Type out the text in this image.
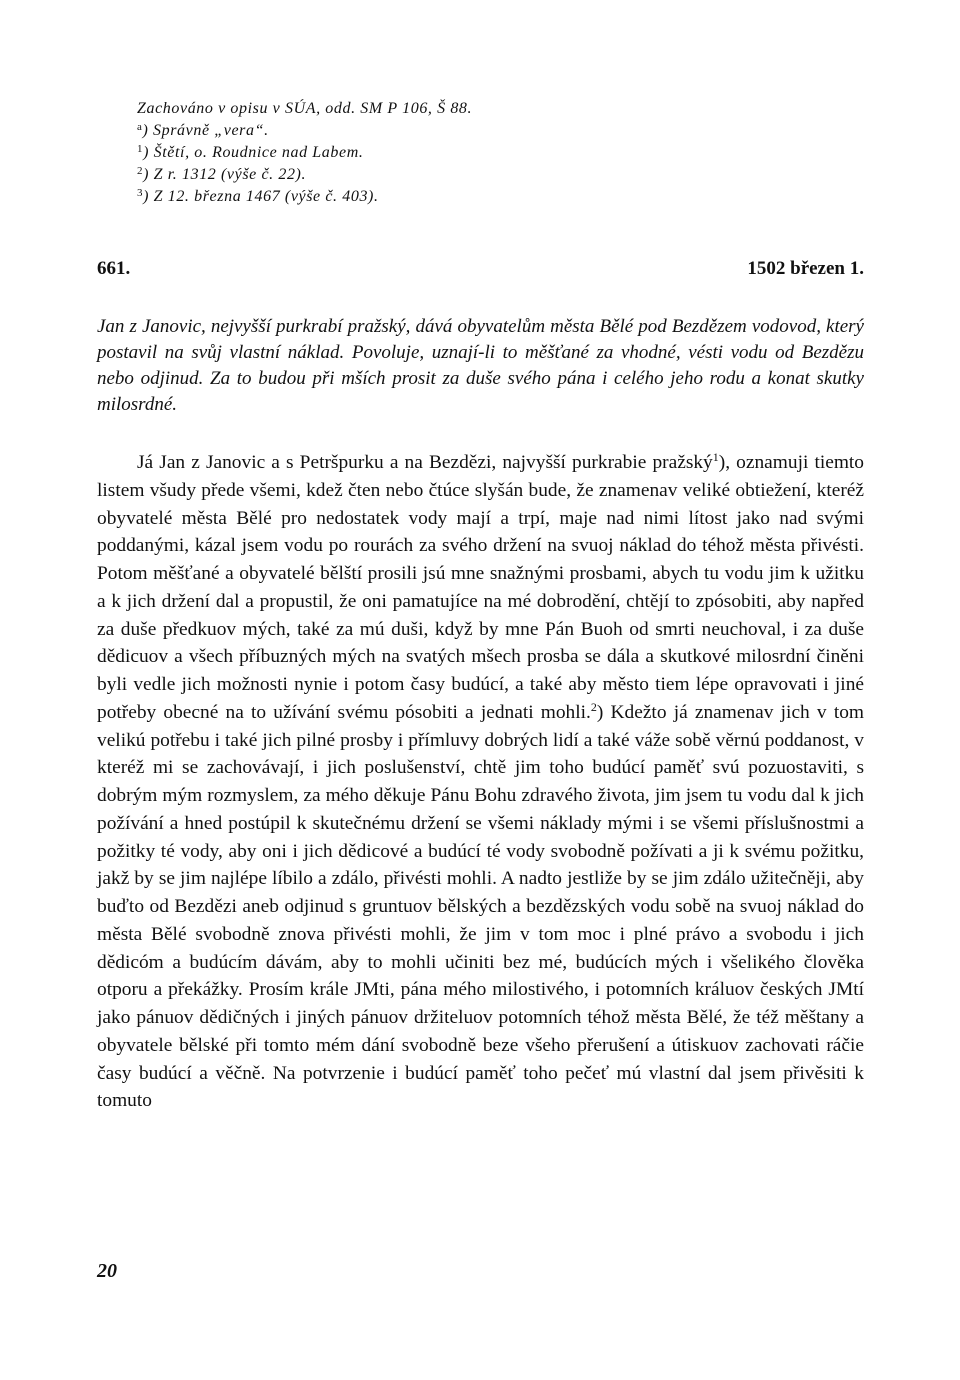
Zachováno v opisu v SÚA, odd. SM P 106, Š 88.
$^a$) Správně „vera“.
$^1$) Štětí, o. Roudnice nad Labem.
$^2$) Z r. 1312 (výše č. 22).
$^3$) Z 12. března 1467 (výše č. 403).
661.	1502 březen 1.
Jan z Janovic, nejvyšší purkrabí pražský, dává obyvatelům města Bělé pod Bezdězem vodovod, který postavil na svůj vlastní náklad. Povoluje, uznají-li to měšťané za vhodné, vésti vodu od Bezdězu nebo odjinud. Za to budou při mších prosit za duše svého pána i celého jeho rodu a konat skutky milosrdné.

Já Jan z Janovic a s Petršpurku a na Bezdězi, najvyšší purkrabie pražský$^1$), oznamuji tiemto listem všudy přede všemi, kdež čten nebo čtúce slyšán bude, že znamenav veliké obtiežení, kteréž obyvatelé města Bělé pro nedostatek vody mají a trpí, maje nad nimi lítost jako nad svými poddanými, kázal jsem vodu po rourách za svého držení na svuoj náklad do téhož města přivésti. Potom měšťané a obyvatelé bělští prosili jsú mne snažnými prosbami, abych tu vodu jim k užitku a k jich držení dal a propustil, že oni pamatujíce na mé dobrodění, chtějí to zpósobiti, aby napřed za duše předkuov mých, také za mú duši, když by mne Pán Buoh od smrti neuchoval, i za duše dědicuov a všech příbuzných mých na svatých mšech prosba se dála a skutkové milosrdní činěni byli vedle jich možnosti nynie i potom časy budúcí, a také aby město tiem lépe opravovati i jiné potřeby obecné na to užívání svému pósobiti a jednati mohli.$^2$) Kdežto já znamenav jich v tom velikú potřebu i také jich pilné prosby i přímluvy dobrých lidí a také váže sobě věrnú poddanost, v kteréž mi se zachovávají, i jich poslušenství, chtě jim toho budúcí paměť svú pozuostaviti, s dobrým mým rozmyslem, za mého děkuje Pánu Bohu zdravého života, jim jsem tu vodu dal k jich požívání a hned postúpil k skutečnému držení se všemi náklady mými i se všemi příslušnostmi a požitky té vody, aby oni i jich dědicové a budúcí té vody svobodně požívati a ji k svému požitku, jakž by se jim najlépe líbilo a zdálo, přivésti mohli. A nadto jestliže by se jim zdálo užitečněji, aby buďto od Bezdězi aneb odjinud s gruntuov bělských a bezdězských vodu sobě na svuoj náklad do města Bělé svobodně znova přivésti mohli, že jim v tom moc i plné právo a svobodu i jich dědicóm a budúcím dávám, aby to mohli učiniti bez mé, budúcích mých i všelikého člověka otporu a překážky. Prosím krále JMti, pána mého milostivého, i potomních králuov českých JMtí jako pánuov dědičných i jiných pánuov držiteluov potomních téhož města Bělé, že též měštany a obyvatele bělské při tomto mém dání svobodně beze všeho přerušení a útiskuov zachovati ráčie časy budúcí a věčně. Na potvrzenie i budúcí paměť toho pečeť mú vlastní dal jsem přivěsiti k tomuto

20
